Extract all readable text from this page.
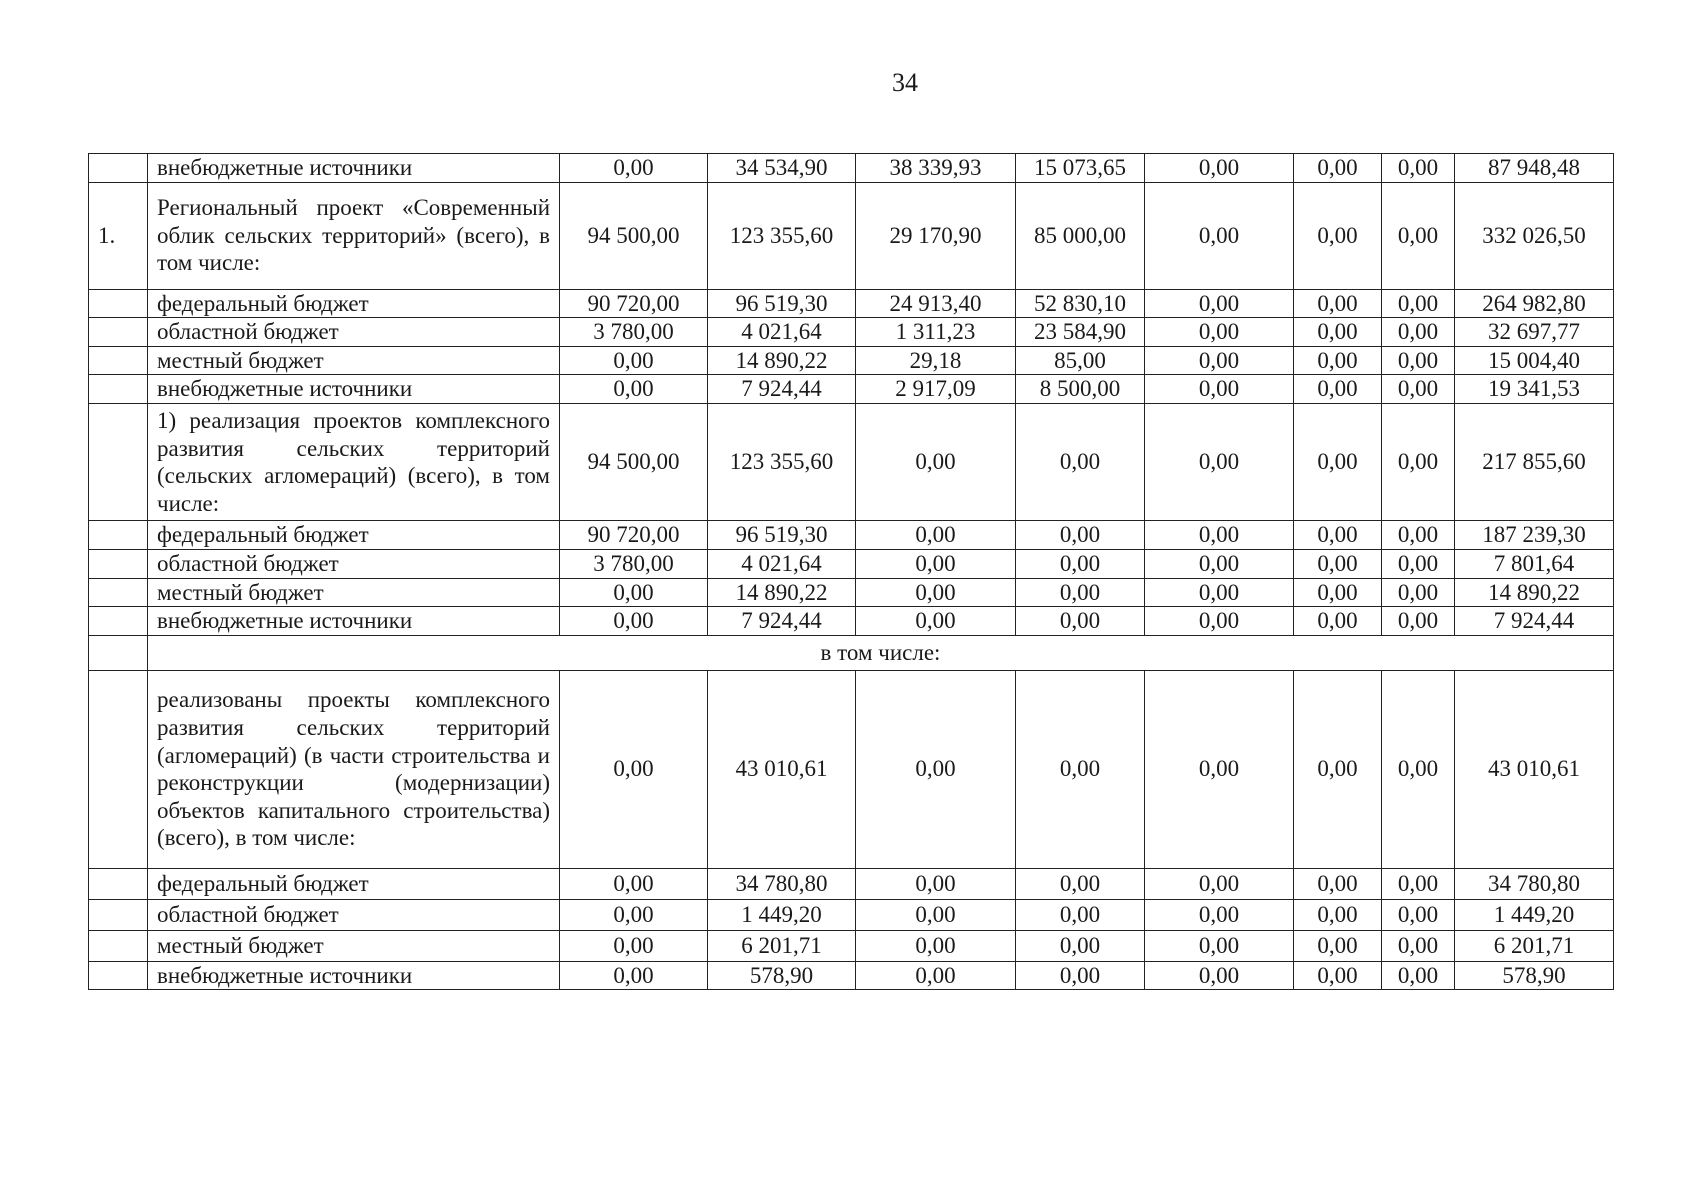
34
	внебюджетные источники	0,00	34 534,90	38 339,93	15 073,65	0,00	0,00	0,00	87 948,48
1.	Региональный проект «Современный облик сельских территорий» (всего), в том числе:	94 500,00	123 355,60	29 170,90	85 000,00	0,00	0,00	0,00	332 026,50
	федеральный бюджет	90 720,00	96 519,30	24 913,40	52 830,10	0,00	0,00	0,00	264 982,80
	областной бюджет	3 780,00	4 021,64	1 311,23	23 584,90	0,00	0,00	0,00	32 697,77
	местный бюджет	0,00	14 890,22	29,18	85,00	0,00	0,00	0,00	15 004,40
	внебюджетные источники	0,00	7 924,44	2 917,09	8 500,00	0,00	0,00	0,00	19 341,53
	1) реализация проектов комплексного развития сельских территорий (сельских агломераций) (всего), в том числе:	94 500,00	123 355,60	0,00	0,00	0,00	0,00	0,00	217 855,60
	федеральный бюджет	90 720,00	96 519,30	0,00	0,00	0,00	0,00	0,00	187 239,30
	областной бюджет	3 780,00	4 021,64	0,00	0,00	0,00	0,00	0,00	7 801,64
	местный бюджет	0,00	14 890,22	0,00	0,00	0,00	0,00	0,00	14 890,22
	внебюджетные источники	0,00	7 924,44	0,00	0,00	0,00	0,00	0,00	7 924,44
	в том числе:								
	реализованы проекты комплексного развития сельских территорий (агломераций) (в части строительства и реконструкции (модернизации) объектов капитального строительства) (всего), в том числе:	0,00	43 010,61	0,00	0,00	0,00	0,00	0,00	43 010,61
	федеральный бюджет	0,00	34 780,80	0,00	0,00	0,00	0,00	0,00	34 780,80
	областной бюджет	0,00	1 449,20	0,00	0,00	0,00	0,00	0,00	1 449,20
	местный бюджет	0,00	6 201,71	0,00	0,00	0,00	0,00	0,00	6 201,71
	внебюджетные источники	0,00	578,90	0,00	0,00	0,00	0,00	0,00	578,90
